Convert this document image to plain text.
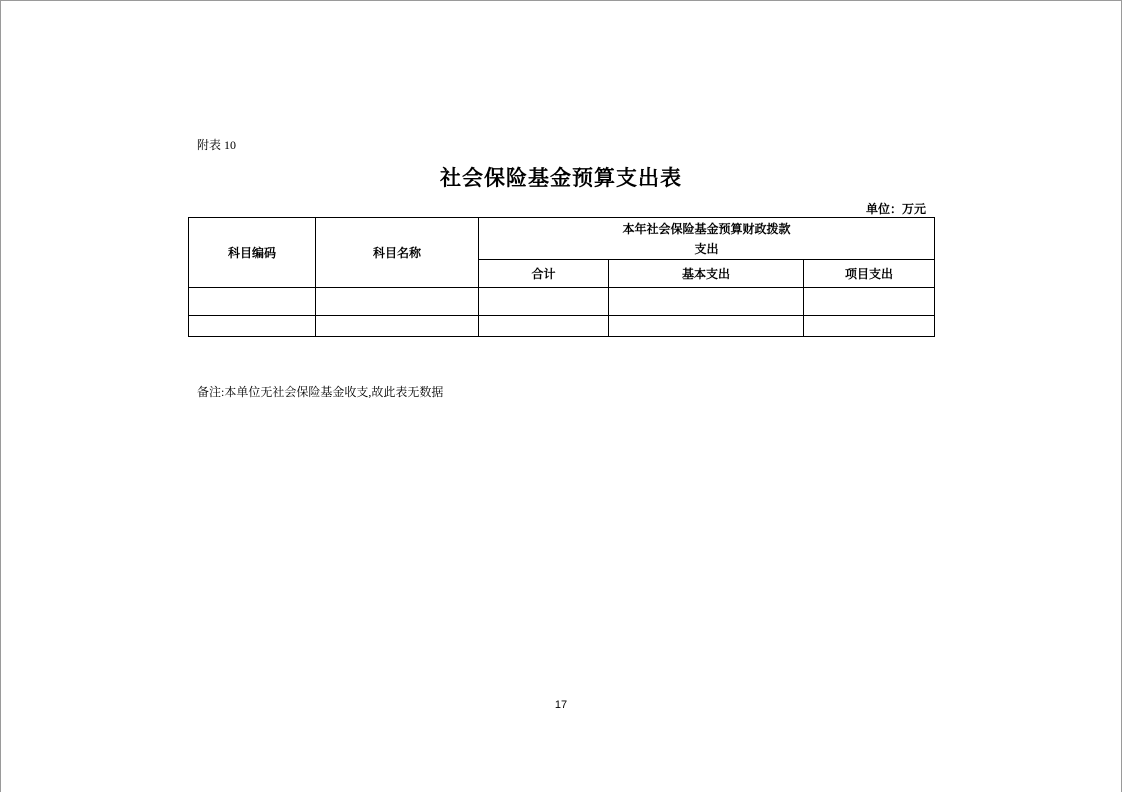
附表 10
社会保险基金预算支出表
单位：万元
科目编码	科目名称	本年社会保险基金预算财政拨款
支出		

		合计	基本支出	项目支出

备注:本单位无社会保险基金收支,故此表无数据
17
